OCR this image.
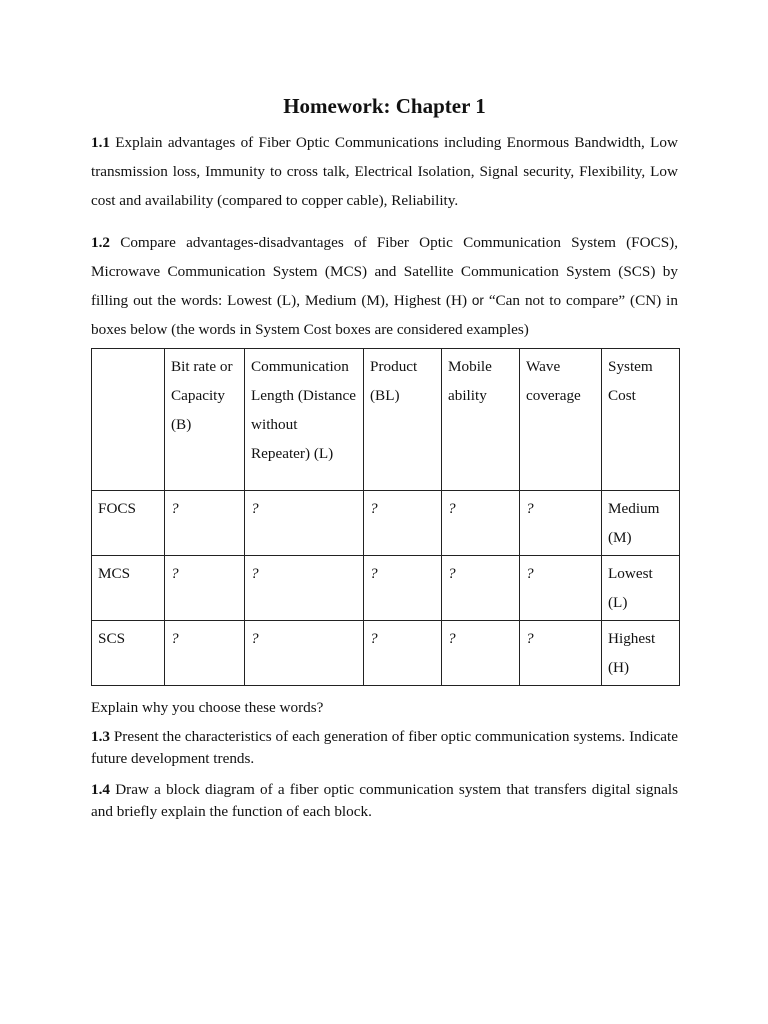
Homework: Chapter 1

1.1 Explain advantages of Fiber Optic Communications including Enormous Bandwidth, Low transmission loss, Immunity to cross talk, Electrical Isolation, Signal security, Flexibility, Low cost and availability (compared to copper cable), Reliability.

1.2 Compare advantages-disadvantages of Fiber Optic Communication System (FOCS), Microwave Communication System (MCS) and Satellite Communication System (SCS) by filling out the words: Lowest (L), Medium (M), Highest (H) or “Can not to compare” (CN) in boxes below (the words in System Cost boxes are considered examples)

	Bit rate or Capacity (B)	Communication Length (Distance without Repeater) (L)	Product (BL)	Mobile ability	Wave coverage	System Cost
FOCS	?	?	?	?	?	Medium (M)
MCS	?	?	?	?	?	Lowest (L)
SCS	?	?	?	?	?	Highest (H)

Explain why you choose these words?

1.3 Present the characteristics of each generation of fiber optic communication systems. Indicate future development trends.

1.4 Draw a block diagram of a fiber optic communication system that transfers digital signals and briefly explain the function of each block.
